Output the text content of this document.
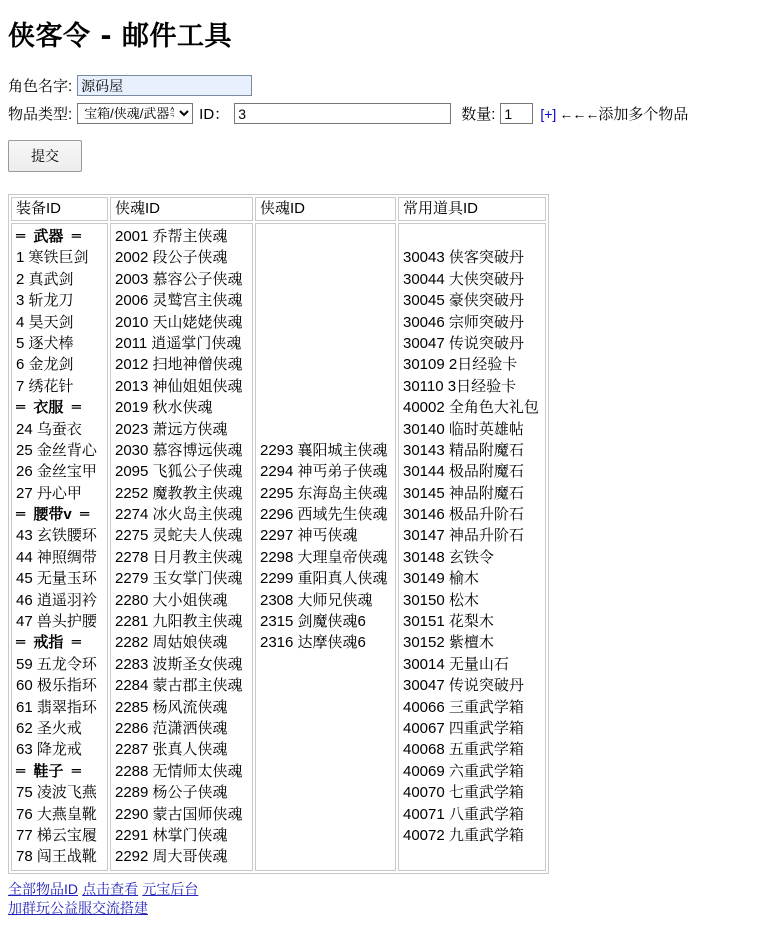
侠客令 - 邮件工具
角色名字:
源码屋
物品类型:
宝箱/侠魂/武器等	ID：
3	数量:
1	[+] ←←← 添加多个物品
提交
装备ID	侠魂ID	侠魂ID	常用道具ID

═  武器  ═
1 寒铁巨剑
2 真武剑
3 斩龙刀
4 昊天剑
5 逐犬棒
6 金龙剑
7 绣花针
═  衣服  ═
24 乌蚕衣
25 金丝背心
26 金丝宝甲
27 丹心甲
═  腰带v  ═
43 玄铁腰环
44 神照绸带
45 无量玉环
46 逍遥羽衿
47 兽头护腰
═  戒指  ═
59 五龙令环
60 极乐指环
61 翡翠指环
62 圣火戒
63 降龙戒
═  鞋子  ═
75 凌波飞燕
76 大燕皇靴
77 梯云宝履
78 闯王战靴

2001 乔帮主侠魂
2002 段公子侠魂
2003 慕容公子侠魂
2006 灵鹫宫主侠魂
2010 天山姥姥侠魂
2011 逍遥掌门侠魂
2012 扫地神僧侠魂
2013 神仙姐姐侠魂
2019 秋水侠魂
2023 萧远方侠魂
2030 慕容博远侠魂
2095 飞狐公子侠魂
2252 魔教教主侠魂
2274 冰火岛主侠魂
2275 灵蛇夫人侠魂
2278 日月教主侠魂
2279 玉女掌门侠魂
2280 大小姐侠魂
2281 九阳教主侠魂
2282 周姑娘侠魂
2283 波斯圣女侠魂
2284 蒙古郡主侠魂
2285 杨风流侠魂
2286 范潇洒侠魂
2287 张真人侠魂
2288 无情师太侠魂
2289 杨公子侠魂
2290 蒙古国师侠魂
2291 林掌门侠魂
2292 周大哥侠魂

2293 襄阳城主侠魂
2294 神丐弟子侠魂
2295 东海岛主侠魂
2296 西域先生侠魂
2297 神丐侠魂
2298 大理皇帝侠魂
2299 重阳真人侠魂
2308 大师兄侠魂
2315 剑魔侠魂6
2316 达摩侠魂6

30043 侠客突破丹
30044 大侠突破丹
30045 豪侠突破丹
30046 宗师突破丹
30047 传说突破丹
30109 2日经验卡
30110 3日经验卡
40002 全角色大礼包
30140 临时英雄帖
30143 精品附魔石
30144 极品附魔石
30145 神品附魔石
30146 极品升阶石
30147 神品升阶石
30148 玄铁令
30149 榆木
30150 松木
30151 花梨木
30152 紫檀木
30014 无量山石
30047 传说突破丹
40066 三重武学箱
40067 四重武学箱
40068 五重武学箱
40069 六重武学箱
40070 七重武学箱
40071 八重武学箱
40072 九重武学箱
全部物品ID 点击查看 元宝后台
加群玩公益服交流搭建
